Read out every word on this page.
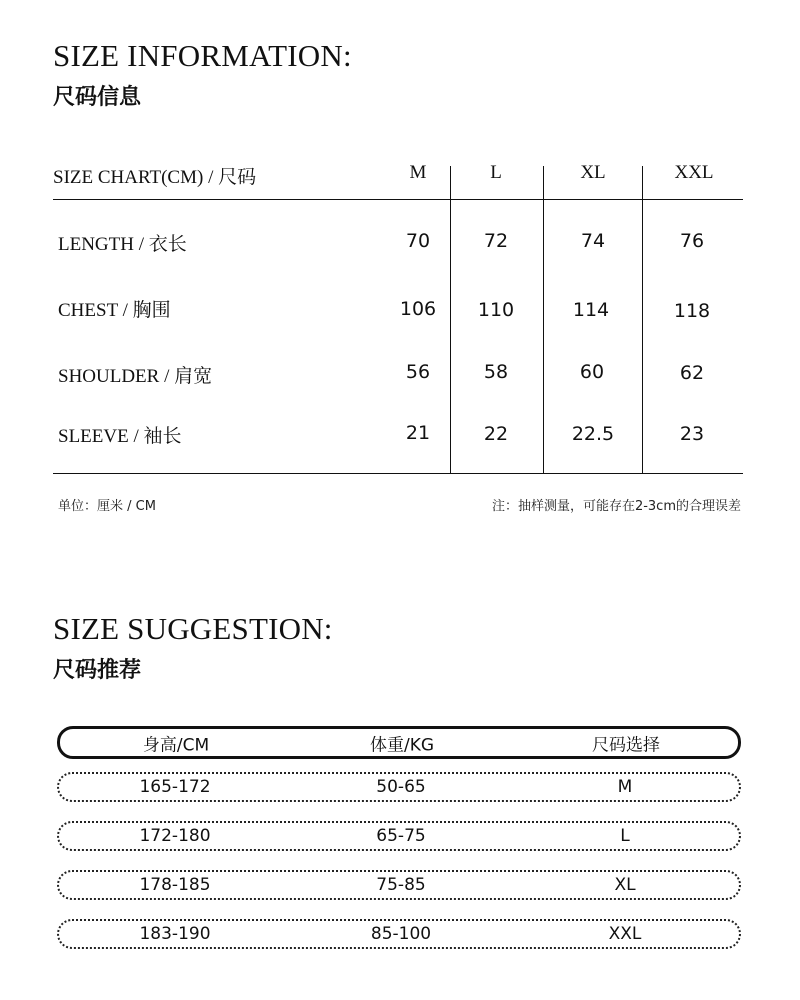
SIZE INFORMATION:
尺码信息
SIZE CHART(CM) / 尺码	M	L	XL	XXL
LENGTH / 衣长	70	72	74	76
CHEST / 胸围	106	110	114	118
SHOULDER / 肩宽	56	58	60	62
SLEEVE / 袖长	21	22	22.5	23
单位：厘米 / CM	注：抽样测量，可能存在2-3cm的合理误差
SIZE SUGGESTION:
尺码推荐
身高/CM	体重/KG	尺码选择
165-172	50-65	M
172-180	65-75	L
178-185	75-85	XL
183-190	85-100	XXL
